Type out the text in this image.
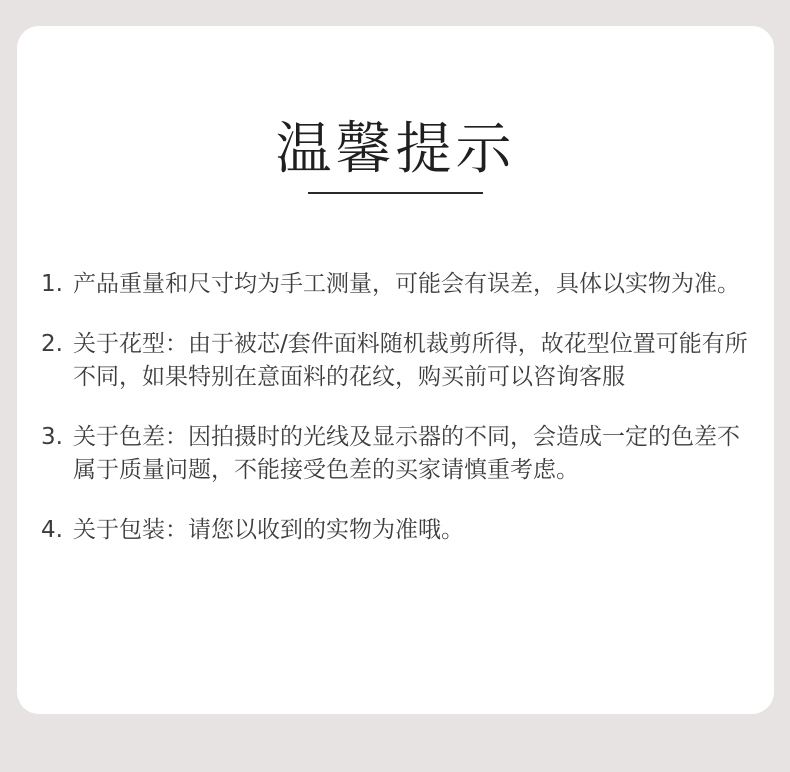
温馨提示
1. 产品重量和尺寸均为手工测量，可能会有误差，具体以实物为准。
2. 关于花型：由于被芯/套件面料随机裁剪所得，故花型位置可能有所不同，如果特别在意面料的花纹，购买前可以咨询客服
3. 关于色差：因拍摄时的光线及显示器的不同，会造成一定的色差不属于质量问题，不能接受色差的买家请慎重考虑。
4. 关于包装：请您以收到的实物为准哦。
